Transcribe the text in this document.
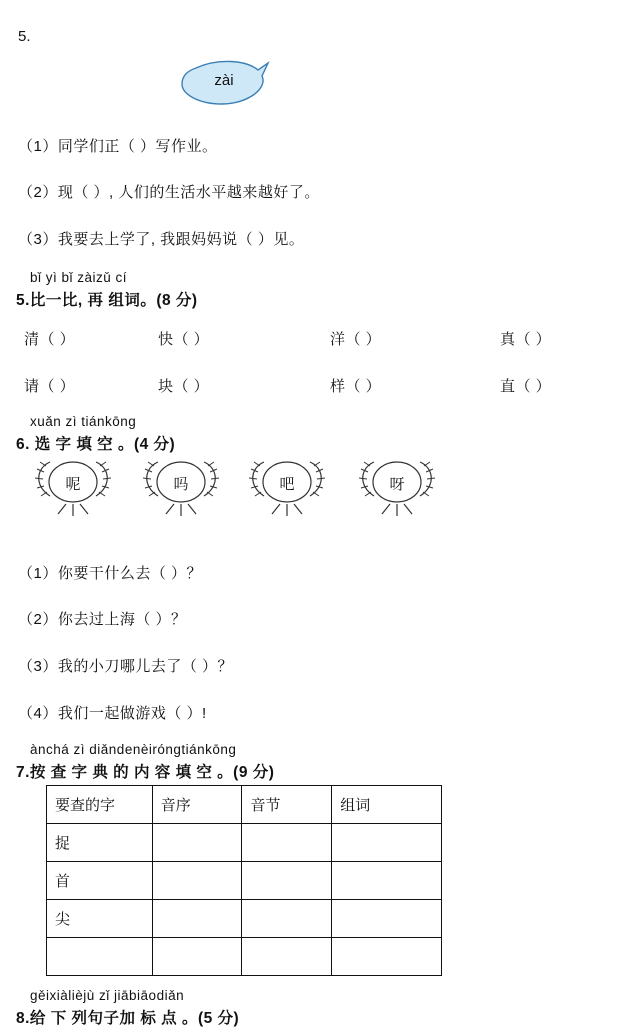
5.
zài
（1）同学们正（ ）写作业。
（2）现（ ）, 人们的生活水平越来越好了。
（3）我要去上学了, 我跟妈妈说（ ）见。
bǐ yì bǐ zàizǔ cí
5.比一比, 再 组词。(8 分)
清（ ）	快（ ）	洋（ ）	真（ ）
请（ ）	块（ ）	样（ ）	直（ ）
xuǎn zì tiánkōng
6. 选 字 填 空 。(4 分)
呢	吗	吧	呀
（1）你要干什么去（ ）？
（2）你去过上海（ ）？
（3）我的小刀哪儿去了（ ）？
（4）我们一起做游戏（ ）!
ànchá zì diǎndenèiróngtiánkōng
7.按 查 字 典 的 内 容 填 空 。(9 分)
要查的字	音序	音节	组词
捉			
首			
尖			

gěixiàlièjù zǐ jiābiāodiǎn
8.给 下 列句子加 标 点 。(5 分)
